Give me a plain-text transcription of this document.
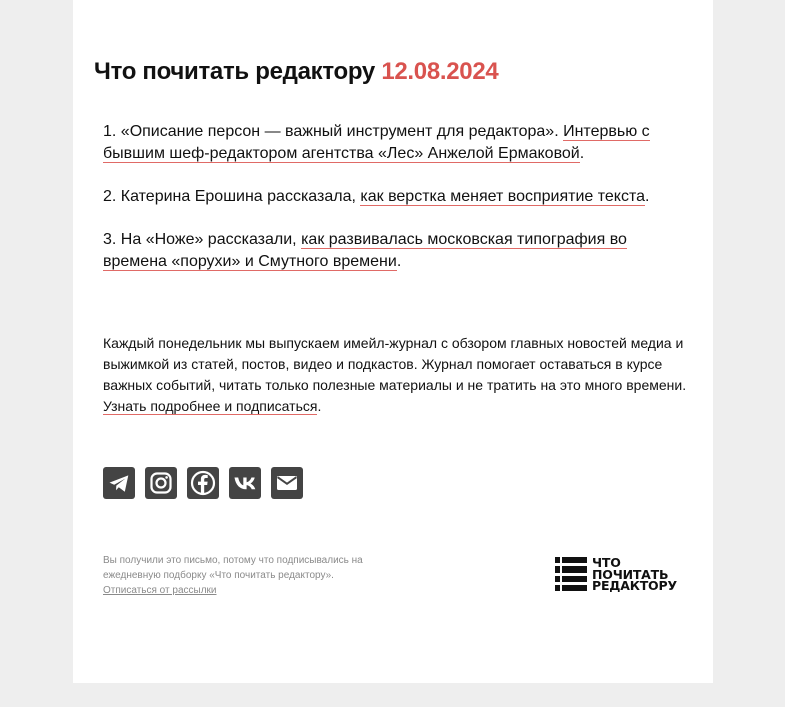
Что почитать редактору 12.08.2024

1. «Описание персон — важный инструмент для редактора». Интервью с бывшим шеф-редактором агентства «Лес» Анжелой Ермаковой.

2. Катерина Ерошина рассказала, как верстка меняет восприятие текста.

3. На «Ноже» рассказали, как развивалась московская типография во времена «порухи» и Смутного времени.

Каждый понедельник мы выпускаем имейл-журнал с обзором главных новостей медиа и выжимкой из статей, постов, видео и подкастов. Журнал помогает оставаться в курсе важных событий, читать только полезные материалы и не тратить на это много времени. Узнать подробнее и подписаться.

Вы получили это письмо, потому что подписывались на ежедневную подборку «Что почитать редактору».
Отписаться от рассылки

ЧТО
ПОЧИТАТЬ
РЕДАКТОРУ
